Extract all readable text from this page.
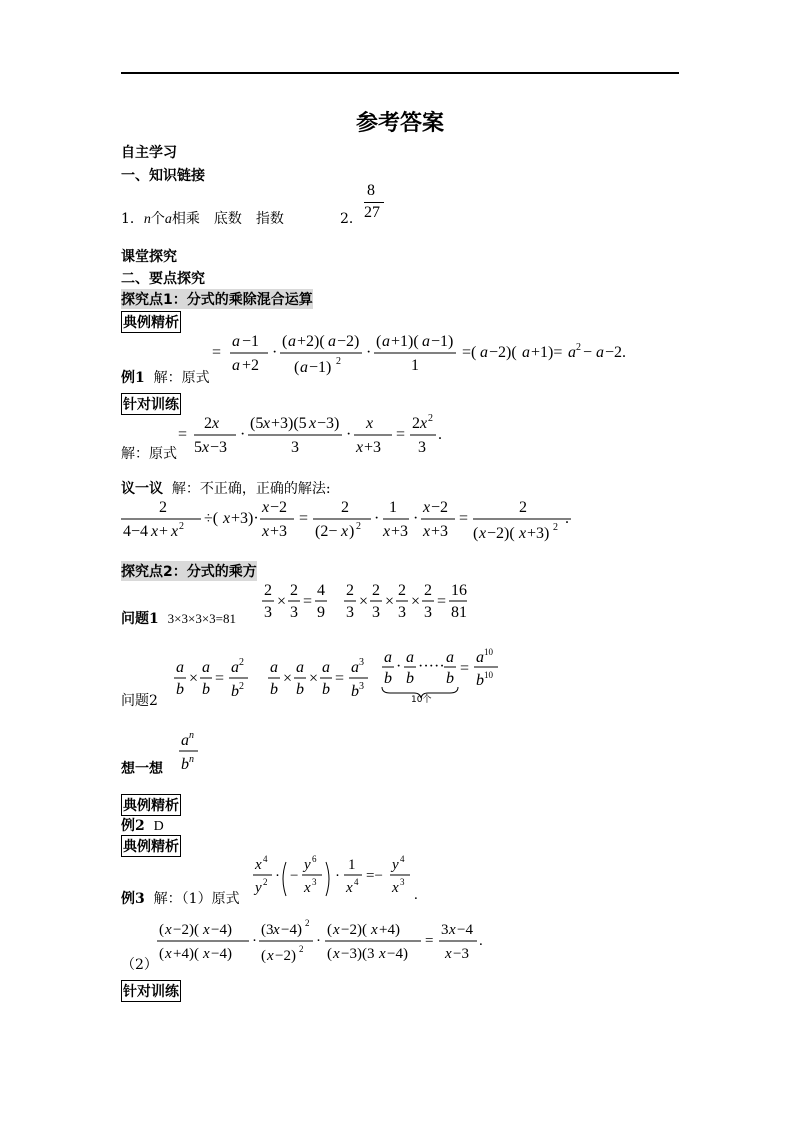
参考答案
自主学习
一、知识链接
1．n个a相乘　底数　指数	2．
8
27
课堂探究
二、要点探究
探究点1：分式的乘除混合运算
典例精析
=
a −1
a +2
·
( a +2)( a −2)
( a −1) 2
·
( a +1)( a −1)
1
=( a −2)( a +1)= a 2 − a −2.
例1 解：原式
针对训练
=
2 x
5 x −3
·
(5 x +3)(5 x −3)
3
·
x
x +3
=
2 x 2
3
.
解：原式
议一议 解：不正确，正确的解法:
2
4−4 x + x 2 ÷( x +3)·
x −2
x +3
=
2
(2− x ) 2 ·
1
x +3
·
x −2
x +3
=
2
( x −2)( x +3) 2
.
探究点2：分式的乘方
问题1 3×3×3×3=81
2
3
×
2
3
=
4
9
2
3
×
2
3
×
2
3
×
2
3
=
16
81
问题2
a
b
×
a
b
=
a 2
b 2
a
b
×
a
b
×
a
b
=
a 3
b 3
a
b
·
a
b
·····
a
b
=
a 10
b 10
10个
想一想
a n
b n
典例精析
例2 D
典例精析
x 4
y 2 · −
y 6
x 3 ·
1
x 4 =−
y 4
x 3
.
例3 解：（1）原式
( x −2)( x −4)
( x +4)( x −4)
·
(3 x −4) 2
( x −2) 2 ·
( x −2)( x +4)
( x −3)(3 x −4)
=
3 x −4
x −3
.
（2）
针对训练
